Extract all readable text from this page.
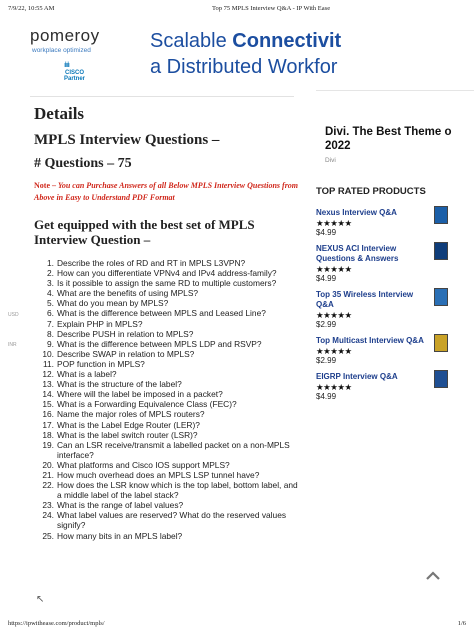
7/9/22, 10:55 AM	Top 75 MPLS Interview Q&A - IP With Ease
pomeroy
workplace optimized
ılıılı
CISCO
Partner
Scalable Connectivit
a Distributed Workfor
Details
MPLS Interview Questions –
# Questions – 75

Note – You can Purchase Answers of all Below MPLS Interview Questions from Above in Easy to Understand PDF Format

Get equipped with the best set of MPLS Interview Question –
1. Describe the roles of RD and RT in MPLS L3VPN?
2. How can you differentiate VPNv4 and IPv4 address-family?
3. Is it possible to assign the same RD to multiple customers?
4. What are the benefits of using MPLS?
5. What do you mean by MPLS?
6. What is the difference between MPLS and Leased Line?
7. Explain PHP in MPLS?
8. Describe PUSH in relation to MPLS?
9. What is the difference between MPLS LDP and RSVP?
10. Describe SWAP in relation to MPLS?
11. POP function in MPLS?
12. What is a label?
13. What is the structure of the label?
14. Where will the label be imposed in a packet?
15. What is a Forwarding Equivalence Class (FEC)?
16. Name the major roles of MPLS routers?
17. What is the Label Edge Router (LER)?
18. What is the label switch router (LSR)?
19. Can an LSR receive/transmit a labelled packet on a non-MPLS interface?
20. What platforms and Cisco IOS support MPLS?
21. How much overhead does an MPLS LSP tunnel have?
22. How does the LSR know which is the top label, bottom label, and a middle label of the label stack?
23. What is the range of label values?
24. What label values are reserved? What do the reserved values signify?
25. How many bits in an MPLS label?
USD
INR
Divi. The Best Theme o
2022
Divi
TOP RATED PRODUCTS
Nexus Interview Q&A
★★★★★
$4.99
NEXUS ACI Interview Questions & Answers
★★★★★
$4.99
Top 35 Wireless Interview Q&A
★★★★★
$2.99
Top Multicast Interview Q&A
★★★★★
$2.99
EIGRP Interview Q&A
★★★★★
$4.99
↖
https://ipwithease.com/product/mpls/	1/6
